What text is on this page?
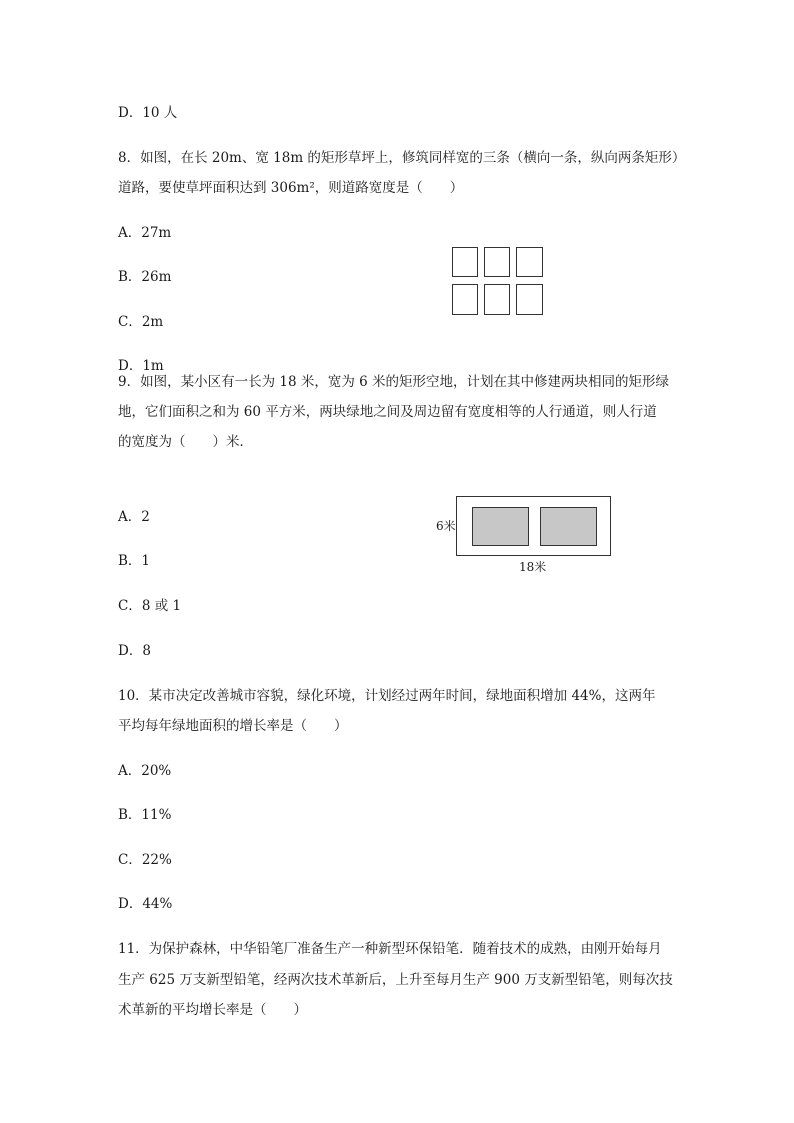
D．10 人
8．如图，在长 20m、宽 18m 的矩形草坪上，修筑同样宽的三条（横向一条，纵向两条矩形）
道路，要使草坪面积达到 306m²，则道路宽度是（　　）
A．27m
B．26m
C．2m
D．1m
9．如图，某小区有一长为 18 米，宽为 6 米的矩形空地，计划在其中修建两块相同的矩形绿
地，它们面积之和为 60 平方米，两块绿地之间及周边留有宽度相等的人行通道，则人行道
的宽度为（　　）米．
A．2
B．1
C．8 或 1
D．8
6米
18米
10．某市决定改善城市容貌，绿化环境，计划经过两年时间，绿地面积增加 44%，这两年
平均每年绿地面积的增长率是（　　）
A．20%
B．11%
C．22%
D．44%
11．为保护森林，中华铅笔厂准备生产一种新型环保铅笔．随着技术的成熟，由刚开始每月
生产 625 万支新型铅笔，经两次技术革新后，上升至每月生产 900 万支新型铅笔，则每次技
术革新的平均增长率是（　　）
